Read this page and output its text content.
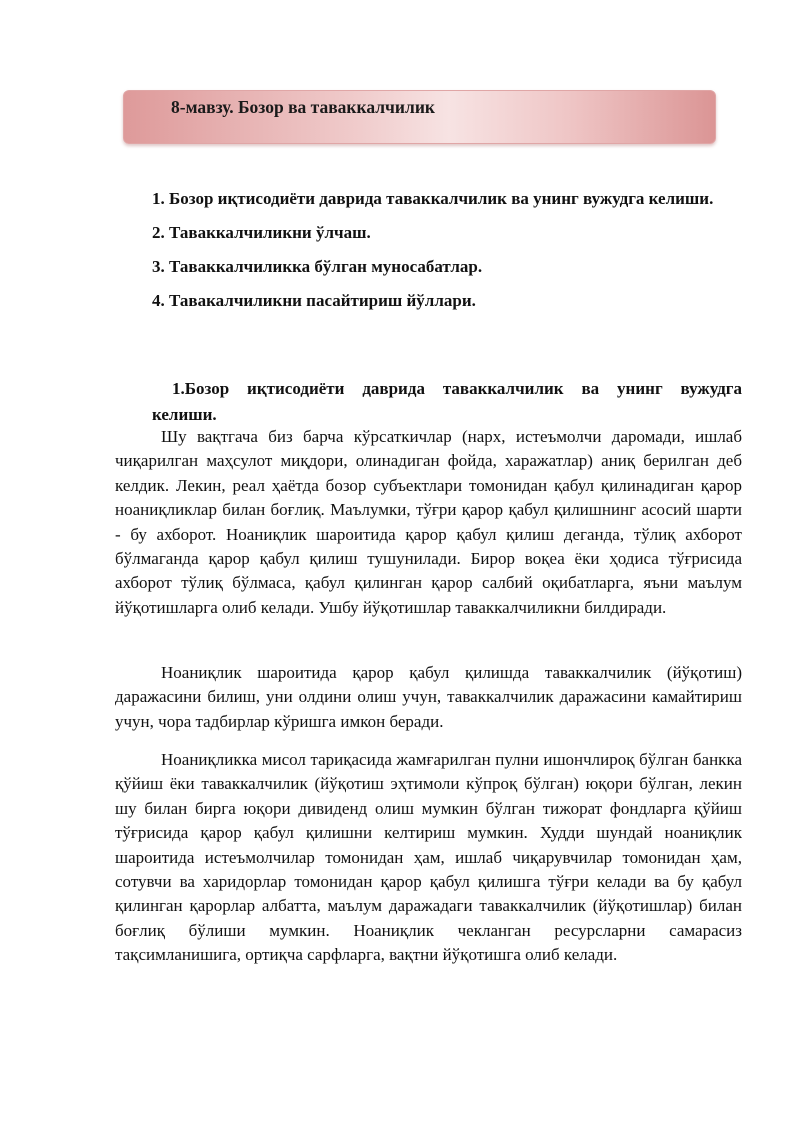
8-мавзу. Бозор ва таваккалчилик
1. Бозор иқтисодиёти даврида таваккалчилик ва унинг вужудга келиши.
2. Таваккалчиликни ўлчаш.
3. Таваккалчиликка бўлган муносабатлар.
4. Тавакалчиликни пасайтириш йўллари.
1.Бозор иқтисодиёти даврида таваккалчилик ва унинг вужудга
келиши.

Шу вақтгача биз барча кўрсаткичлар (нарх, истеъмолчи даромади, ишлаб чиқарилган маҳсулот миқдори, олинадиган фойда, харажатлар) аниқ берилган деб келдик. Лекин, реал ҳаётда бозор субъектлари томонидан қабул қилинадиган қарор ноаниқликлар билан боғлиқ. Маълумки, тўғри қарор қабул қилишнинг асосий шарти - бу ахборот. Ноаниқлик шароитида қарор қабул қилиш деганда, тўлиқ ахборот бўлмаганда қарор қабул қилиш тушунилади. Бирор воқеа ёки ҳодиса тўғрисида ахборот тўлиқ бўлмаса, қабул қилинган қарор салбий оқибатларга, яъни маълум йўқотишларга олиб келади. Ушбу йўқотишлар таваккалчиликни билдиради.

Ноаниқлик шароитида қарор қабул қилишда таваккалчилик (йўқотиш) даражасини билиш, уни олдини олиш учун, таваккалчилик даражасини камайтириш учун, чора тадбирлар кўришга имкон беради.

Ноаниқликка мисол тариқасида жамғарилган пулни ишончлироқ бўлган банкка қўйиш ёки таваккалчилик (йўқотиш эҳтимоли кўпроқ бўлган) юқори бўлган, лекин шу билан бирга юқори дивиденд олиш мумкин бўлган тижорат фондларга қўйиш тўғрисида қарор қабул қилишни келтириш мумкин. Худди шундай ноаниқлик шароитида истеъмолчилар томонидан ҳам, ишлаб чиқарувчилар томонидан ҳам, сотувчи ва харидорлар томонидан қарор қабул қилишга тўғри келади ва бу қабул қилинган қарорлар албатта, маълум даражадаги таваккалчилик (йўқотишлар) билан боғлиқ бўлиши мумкин. Ноаниқлик чекланган ресурсларни самарасиз тақсимланишига, ортиқча сарфларга, вақтни йўқотишга олиб келади.
